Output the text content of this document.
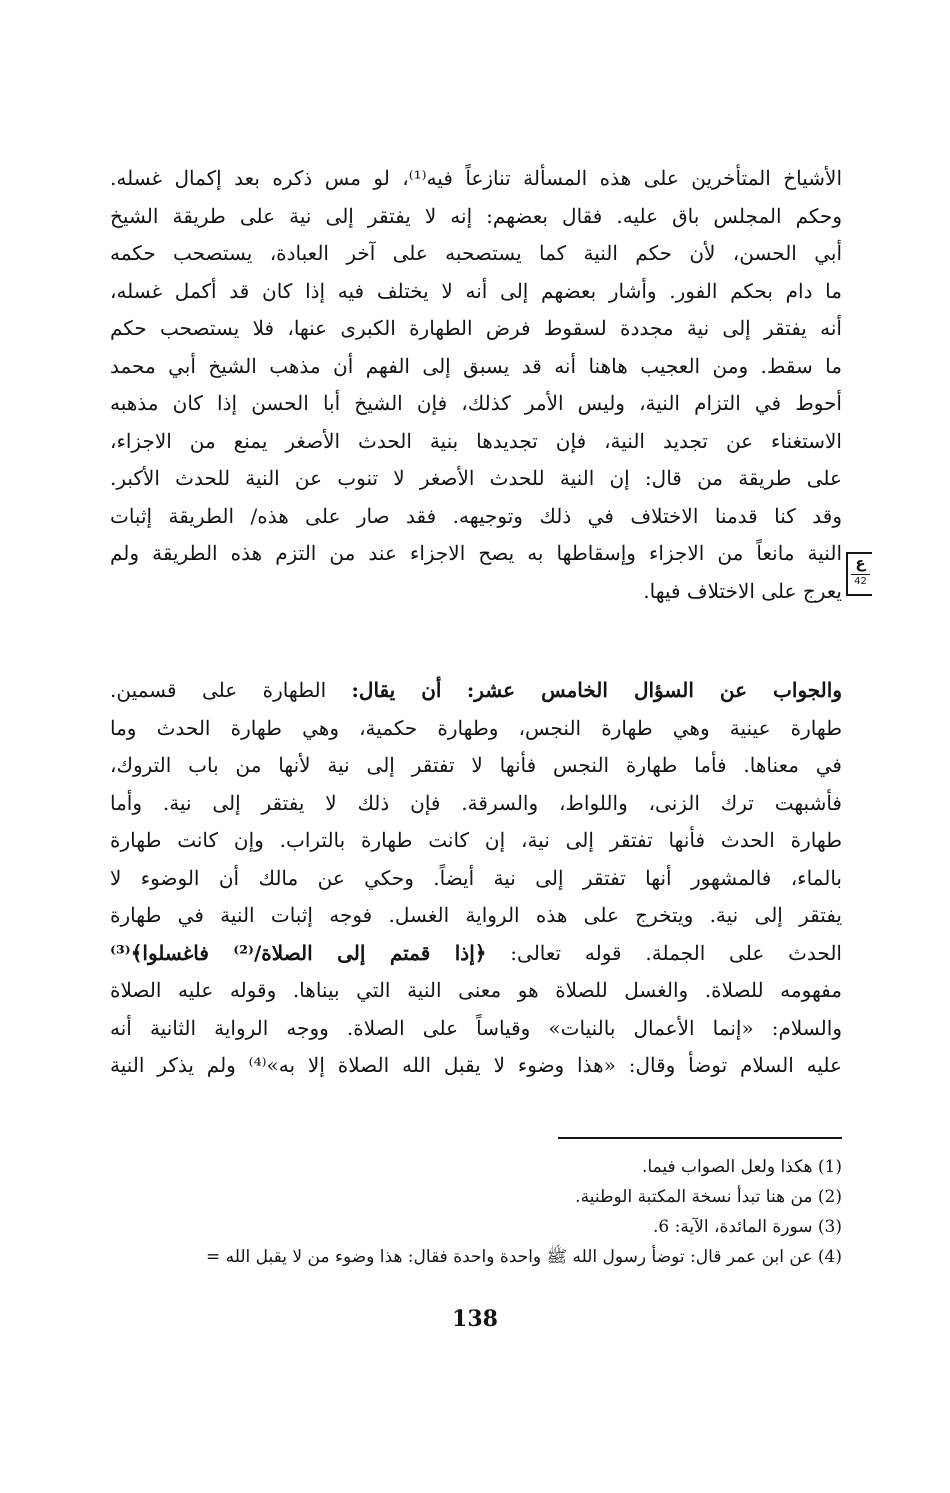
الأشياخ المتأخرين على هذه المسألة تنازعاً فيه⁽¹⁾، لو مس ذكره بعد إكمال غسله.
وحكم المجلس باق عليه. فقال بعضهم: إنه لا يفتقر إلى نية على طريقة الشيخ
أبي الحسن، لأن حكم النية كما يستصحبه على آخر العبادة، يستصحب حكمه
ما دام بحكم الفور. وأشار بعضهم إلى أنه لا يختلف فيه إذا كان قد أكمل غسله،
أنه يفتقر إلى نية مجددة لسقوط فرض الطهارة الكبرى عنها، فلا يستصحب حكم
ما سقط. ومن العجيب هاهنا أنه قد يسبق إلى الفهم أن مذهب الشيخ أبي محمد
أحوط في التزام النية، وليس الأمر كذلك، فإن الشيخ أبا الحسن إذا كان مذهبه
الاستغناء عن تجديد النية، فإن تجديدها بنية الحدث الأصغر يمنع من الاجزاء،
على طريقة من قال: إن النية للحدث الأصغر لا تنوب عن النية للحدث الأكبر.
وقد كنا قدمنا الاختلاف في ذلك وتوجيهه. فقد صار على هذه/ الطريقة إثبات
النية مانعاً من الاجزاء وإسقاطها به يصح الاجزاء عند من التزم هذه الطريقة ولم
يعرج على الاختلاف فيها.
ع
42
والجواب عن السؤال الخامس عشر: أن يقال: الطهارة على قسمين.
طهارة عينية وهي طهارة النجس، وطهارة حكمية، وهي طهارة الحدث وما
في معناها. فأما طهارة النجس فأنها لا تفتقر إلى نية لأنها من باب التروك،
فأشبهت ترك الزنى، واللواط، والسرقة. فإن ذلك لا يفتقر إلى نية. وأما
طهارة الحدث فأنها تفتقر إلى نية، إن كانت طهارة بالتراب. وإن كانت طهارة
بالماء، فالمشهور أنها تفتقر إلى نية أيضاً. وحكي عن مالك أن الوضوء لا
يفتقر إلى نية. ويتخرج على هذه الرواية الغسل. فوجه إثبات النية في طهارة
الحدث على الجملة. قوله تعالى: ﴿إذا قمتم إلى الصلاة/⁽²⁾ فاغسلوا﴾⁽³⁾
مفهومه للصلاة. والغسل للصلاة هو معنى النية التي بيناها. وقوله عليه الصلاة
والسلام: «إنما الأعمال بالنيات» وقياساً على الصلاة. ووجه الرواية الثانية أنه
عليه السلام توضأ وقال: «هذا وضوء لا يقبل الله الصلاة إلا به»⁽⁴⁾ ولم يذكر النية
(1) هكذا ولعل الصواب فيما.
(2) من هنا تبدأ نسخة المكتبة الوطنية.
(3) سورة المائدة، الآية: 6.
(4) عن ابن عمر قال: توضأ رسول الله ﷺ واحدة واحدة فقال: هذا وضوء من لا يقبل الله =
138
